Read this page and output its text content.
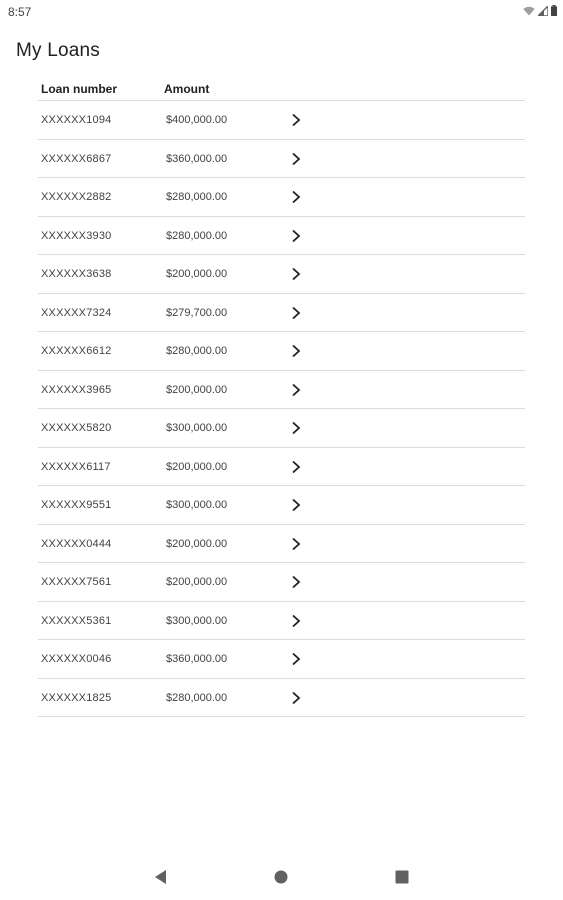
8:57
My Loans
Loan number	Amount
XXXXXX1094	$400,000.00
XXXXXX6867	$360,000.00
XXXXXX2882	$280,000.00
XXXXXX3930	$280,000.00
XXXXXX3638	$200,000.00
XXXXXX7324	$279,700.00
XXXXXX6612	$280,000.00
XXXXXX3965	$200,000.00
XXXXXX5820	$300,000.00
XXXXXX6117	$200,000.00
XXXXXX9551	$300,000.00
XXXXXX0444	$200,000.00
XXXXXX7561	$200,000.00
XXXXXX5361	$300,000.00
XXXXXX0046	$360,000.00
XXXXXX1825	$280,000.00
